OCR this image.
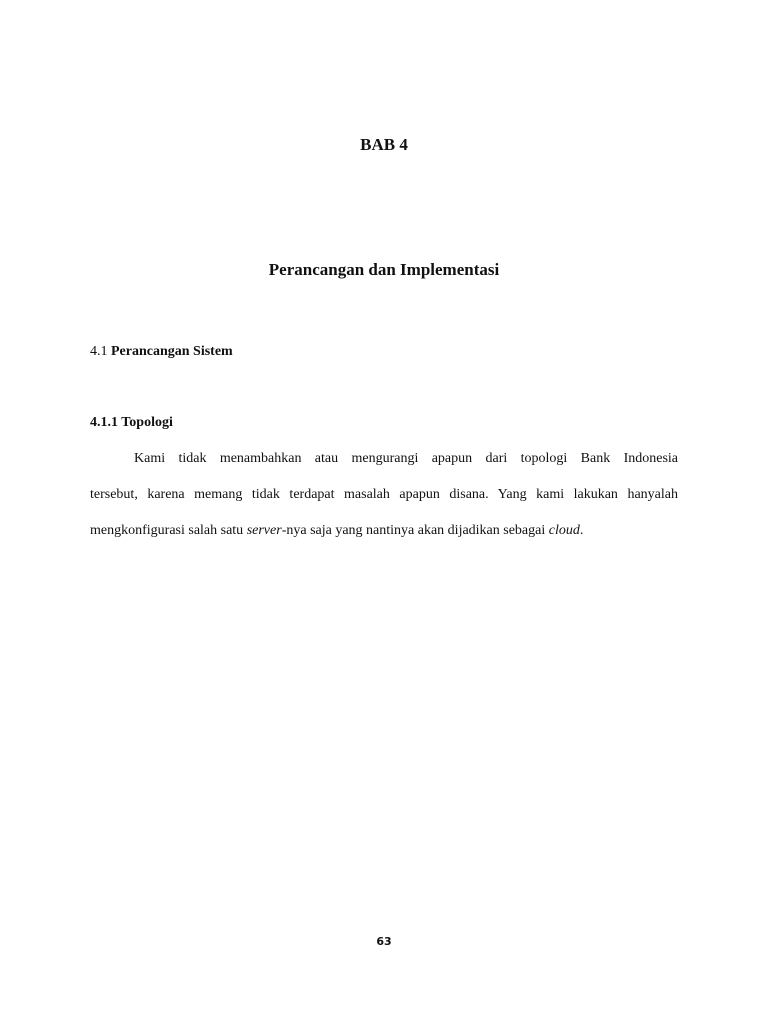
BAB 4
Perancangan dan Implementasi
4.1 Perancangan Sistem
4.1.1 Topologi
Kami tidak menambahkan atau mengurangi apapun dari topologi Bank Indonesia
tersebut, karena memang tidak terdapat masalah apapun disana. Yang kami lakukan hanyalah
mengkonfigurasi salah satu server-nya saja yang nantinya akan dijadikan sebagai cloud.
63
